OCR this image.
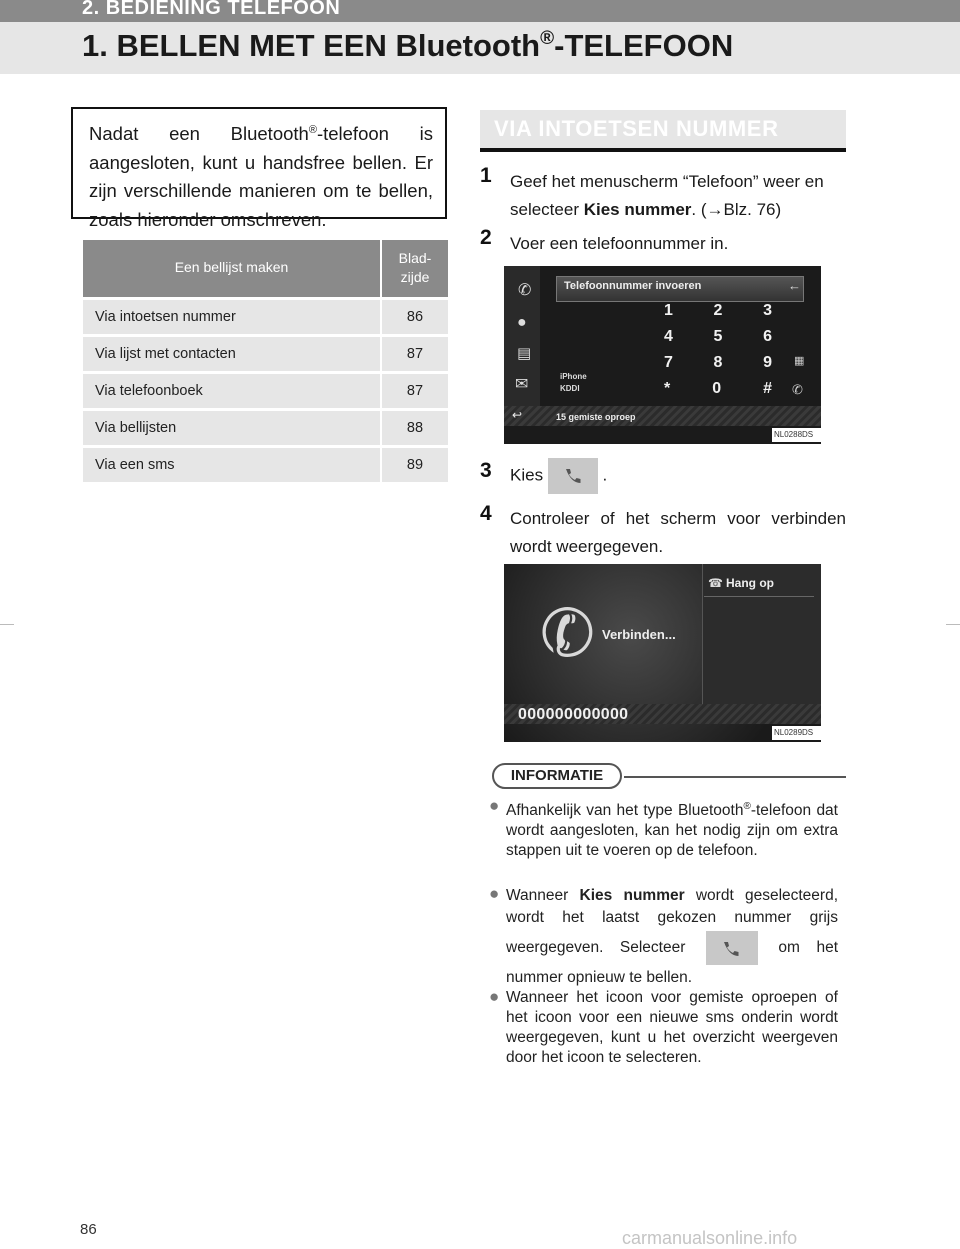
2. BEDIENING TELEFOON
1. BELLEN MET EEN Bluetooth®-TELEFOON
Nadat een Bluetooth®-telefoon is aangesloten, kunt u handsfree bellen. Er zijn verschillende manieren om te bellen, zoals hieronder omschreven.
Een bellijst maken	Blad-
zijde
Via intoetsen nummer	86
Via lijst met contacten	87
Via telefoonboek	87
Via bellijsten	88
Via een sms	89
VIA INTOETSEN NUMMER
1 Geef het menuscherm “Telefoon” weer en selecteer Kies nummer. (→Blz. 76)
2 Voer een telefoonnummer in.
✆
●
▤
✉
Telefoonnummer invoeren	←
1	2	3
4	5	6
7	8	9
*	0	#
▦
✆
iPhone
KDDI
↩	15 gemiste oproep
NL0288DS
3 Kies	.
4 Controleer of het scherm voor verbinden wordt weergegeven.
☎ Hang op
✆ Verbinden...
000000000000
NL0289DS
INFORMATIE
● Afhankelijk van het type Bluetooth®-telefoon dat wordt aangesloten, kan het nodig zijn om extra stappen uit te voeren op de telefoon.
● Wanneer Kies nummer wordt geselecteerd, wordt het laatst gekozen nummer grijs weergegeven. Selecteer	om het nummer opnieuw te bellen.
● Wanneer het icoon voor gemiste oproepen of het icoon voor een nieuwe sms onderin wordt weergegeven, kunt u het overzicht weergeven door het icoon te selecteren.
86	carmanualsonline.info
